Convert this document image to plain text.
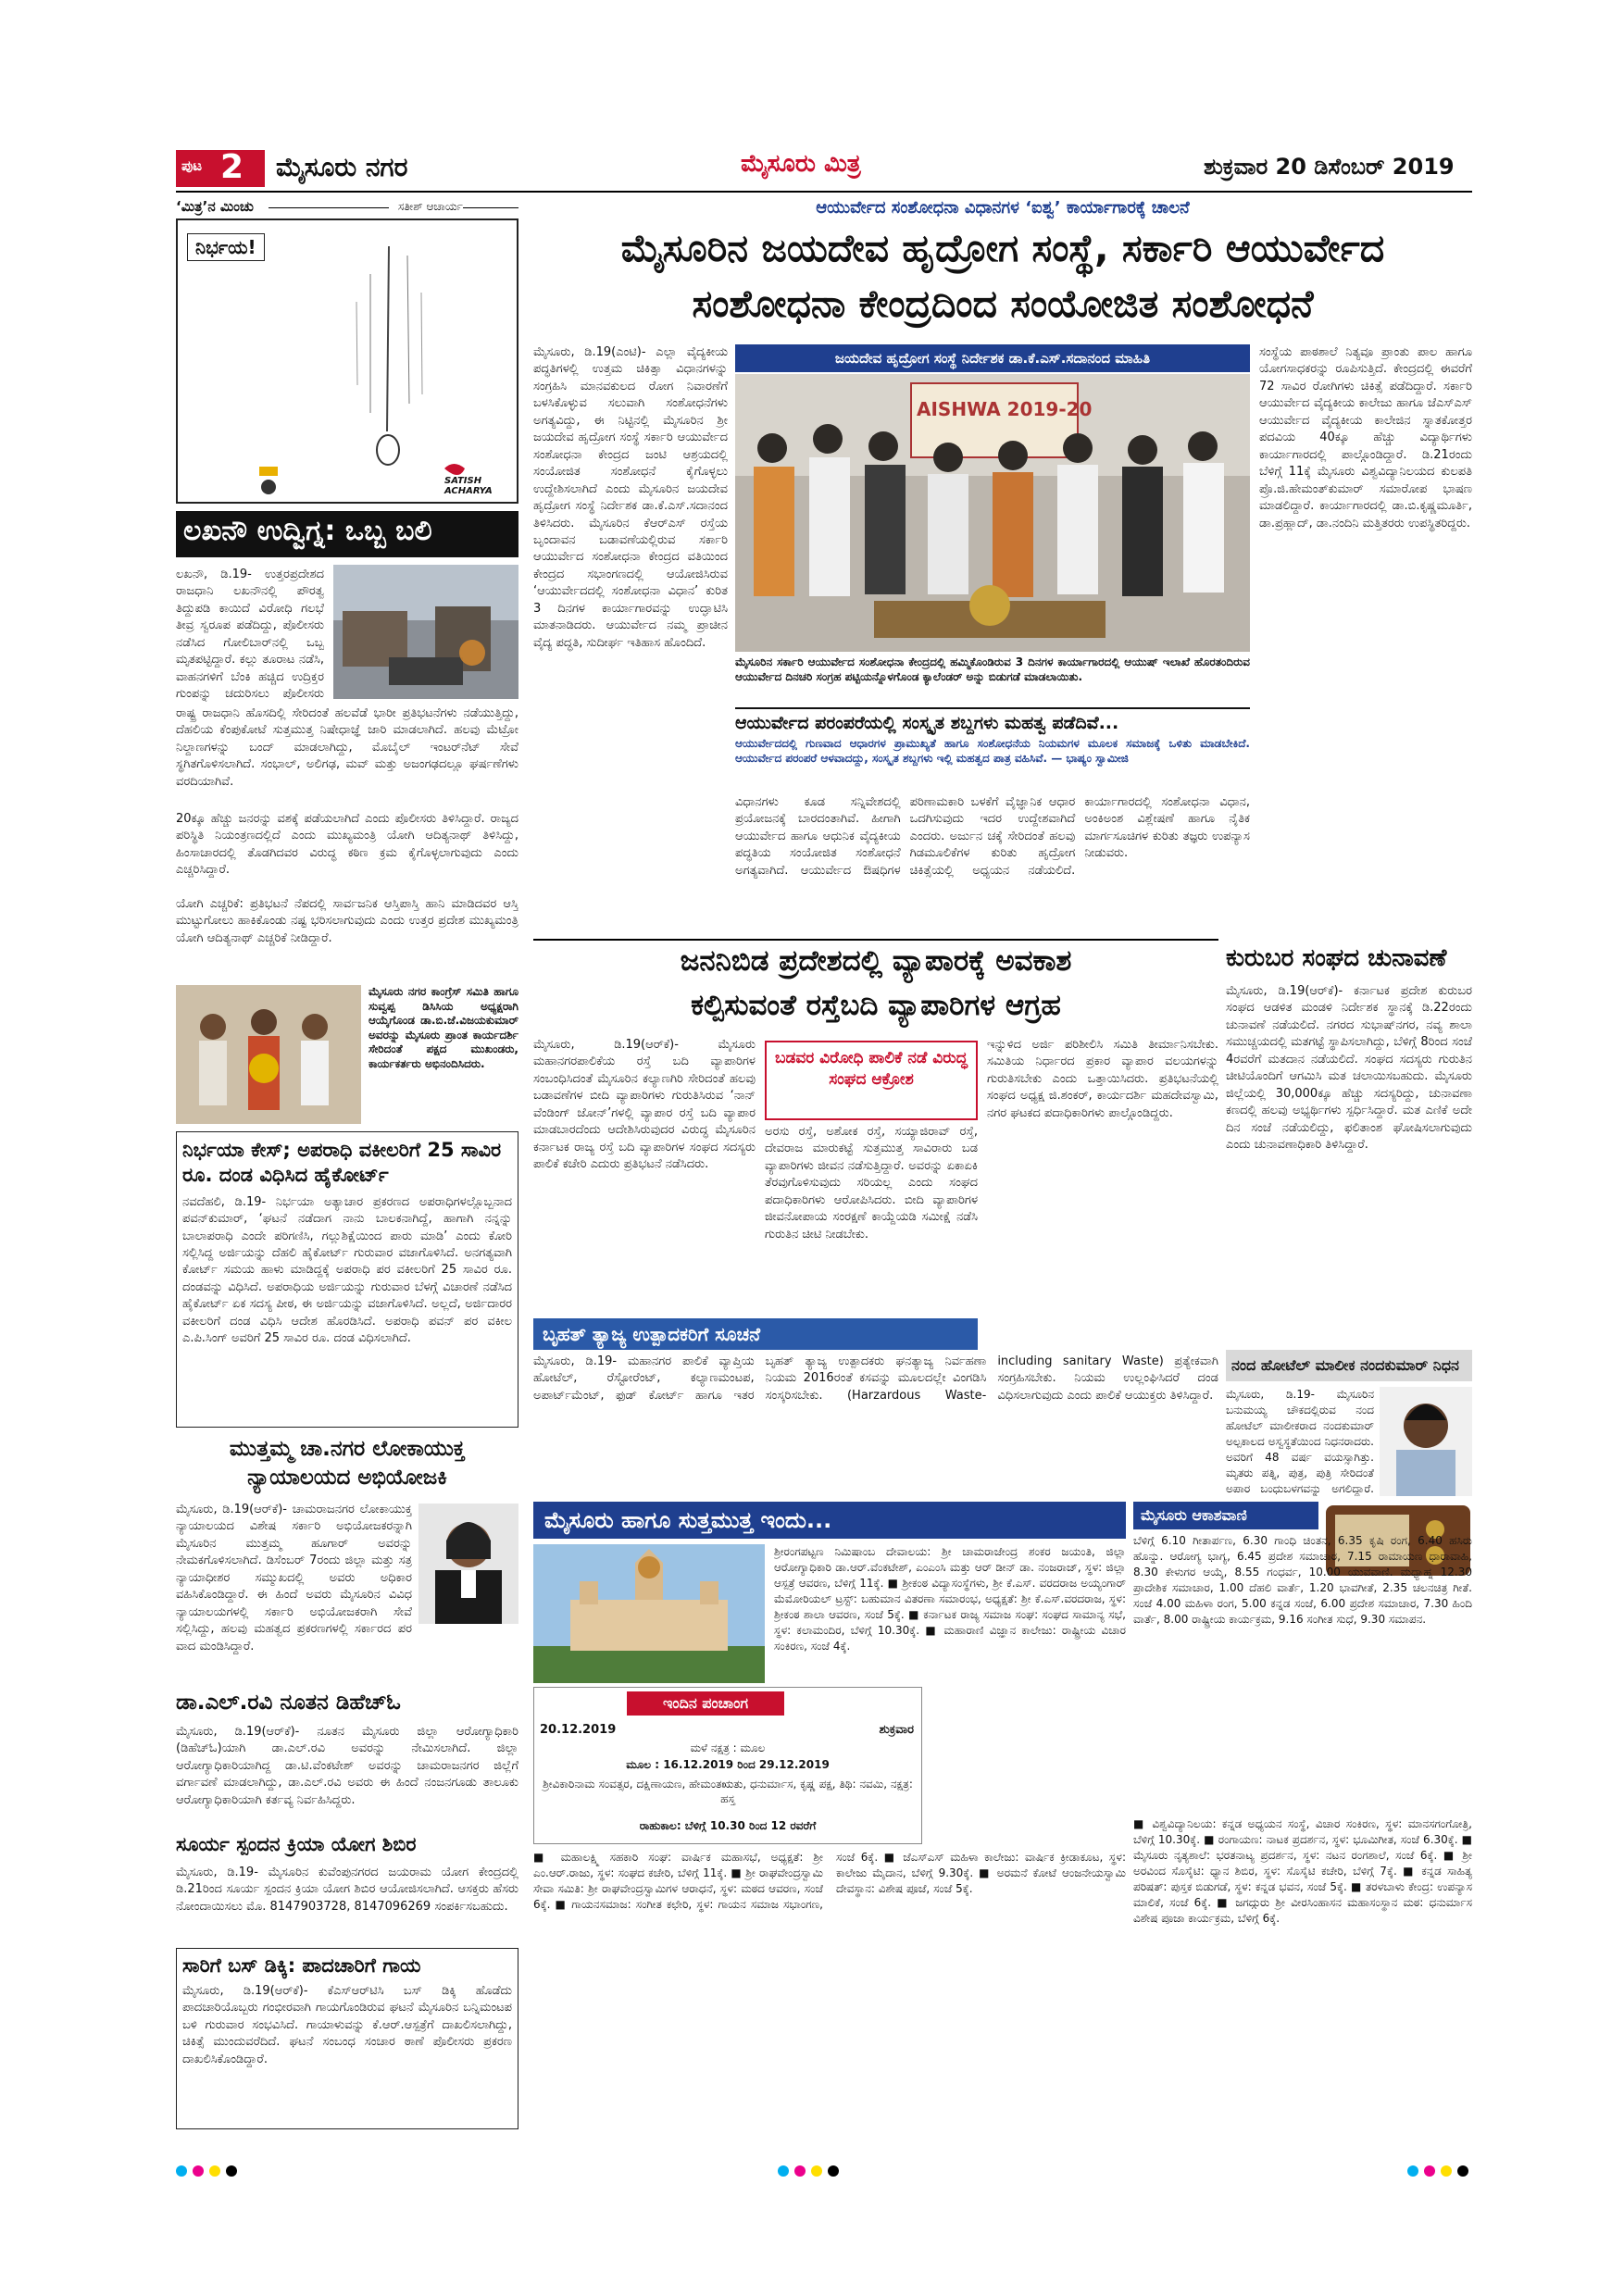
ಪುಟ 2 ಮೈಸೂರು ನಗರ	ಮೈಸೂರು ಮಿತ್ರ	ಶುಕ್ರವಾರ 20 ಡಿಸೆಂಬರ್ 2019
‘ಮಿತ್ರ’ನ ಮಿಂಚು	ಸತೀಶ್ ಆಚಾರ್ಯ
ನಿರ್ಭಯ!
SATISH ACHARYA
ಲಖನೌ ಉದ್ವಿಗ್ನ: ಒಬ್ಬ ಬಲಿ
ಲಖನೌ, ಡಿ.19- ಉತ್ತರಪ್ರದೇಶದ ರಾಜಧಾನಿ ಲಖನೌನಲ್ಲಿ ಪೌರತ್ವ ತಿದ್ದುಪಡಿ ಕಾಯಿದೆ ವಿರೋಧಿ ಗಲಭೆ ತೀವ್ರ ಸ್ವರೂಪ ಪಡೆದಿದ್ದು, ಪೊಲೀಸರು ನಡೆಸಿದ ಗೋಲಿಬಾರ್‌ನಲ್ಲಿ ಒಬ್ಬ ಮೃತಪಟ್ಟಿದ್ದಾರೆ. ಕಲ್ಲು ತೂರಾಟ ನಡೆಸಿ, ವಾಹನಗಳಿಗೆ ಬೆಂಕಿ ಹಚ್ಚಿದ ಉದ್ರಿಕ್ತರ ಗುಂಪನ್ನು ಚದುರಿಸಲು ಪೊಲೀಸರು
ರಾಷ್ಟ್ರ ರಾಜಧಾನಿ ಹೊಸದಿಲ್ಲಿ ಸೇರಿದಂತೆ ಹಲವೆಡೆ ಭಾರೀ ಪ್ರತಿಭಟನೆಗಳು ನಡೆಯುತ್ತಿದ್ದು, ದೆಹಲಿಯ ಕೆಂಪುಕೋಟೆ ಸುತ್ತಮುತ್ತ ನಿಷೇಧಾಜ್ಞೆ ಜಾರಿ ಮಾಡಲಾಗಿದೆ. ಹಲವು ಮೆಟ್ರೋ ನಿಲ್ದಾಣಗಳನ್ನು ಬಂದ್ ಮಾಡಲಾಗಿದ್ದು, ಮೊಬೈಲ್ ಇಂಟರ್‌ನೆಟ್ ಸೇವೆ ಸ್ಥಗಿತಗೊಳಿಸಲಾಗಿದೆ. ಸಂಭಾಲ್, ಅಲಿಗಢ, ಮವ್ ಮತ್ತು ಅಜಂಗಢದಲ್ಲೂ ಘರ್ಷಣೆಗಳು ವರದಿಯಾಗಿವೆ.
20ಕ್ಕೂ ಹೆಚ್ಚು ಜನರನ್ನು ವಶಕ್ಕೆ ಪಡೆಯಲಾಗಿದೆ ಎಂದು ಪೊಲೀಸರು ತಿಳಿಸಿದ್ದಾರೆ. ರಾಜ್ಯದ ಪರಿಸ್ಥಿತಿ ನಿಯಂತ್ರಣದಲ್ಲಿದೆ ಎಂದು ಮುಖ್ಯಮಂತ್ರಿ ಯೋಗಿ ಆದಿತ್ಯನಾಥ್ ತಿಳಿಸಿದ್ದು, ಹಿಂಸಾಚಾರದಲ್ಲಿ ತೊಡಗಿದವರ ವಿರುದ್ಧ ಕಠಿಣ ಕ್ರಮ ಕೈಗೊಳ್ಳಲಾಗುವುದು ಎಂದು ಎಚ್ಚರಿಸಿದ್ದಾರೆ.
ಯೋಗಿ ಎಚ್ಚರಿಕೆ: ಪ್ರತಿಭಟನೆ ನೆಪದಲ್ಲಿ ಸಾರ್ವಜನಿಕ ಆಸ್ತಿಪಾಸ್ತಿ ಹಾನಿ ಮಾಡಿದವರ ಆಸ್ತಿ ಮುಟ್ಟುಗೋಲು ಹಾಕಿಕೊಂಡು ನಷ್ಟ ಭರಿಸಲಾಗುವುದು ಎಂದು ಉತ್ತರ ಪ್ರದೇಶ ಮುಖ್ಯಮಂತ್ರಿ ಯೋಗಿ ಆದಿತ್ಯನಾಥ್ ಎಚ್ಚರಿಕೆ ನೀಡಿದ್ದಾರೆ.
ಮೈಸೂರು ನಗರ ಕಾಂಗ್ರೆಸ್ ಸಮಿತಿ ಹಾಗೂ ಸುವ್ವಪ್ಪ ಡಿಸಿಸಿಯ ಅಧ್ಯಕ್ಷರಾಗಿ ಆಯ್ಕೆಗೊಂಡ ಡಾ.ಬಿ.ಜೆ.ವಿಜಯಕುಮಾರ್ ಅವರನ್ನು ಮೈಸೂರು ಪ್ರಾಂತ ಕಾರ್ಯದರ್ಶಿ ಸೇರಿದಂತೆ ಪಕ್ಷದ ಮುಖಂಡರು, ಕಾರ್ಯಕರ್ತರು ಅಭಿನಂದಿಸಿದರು.
ನಿರ್ಭಯಾ ಕೇಸ್; ಅಪರಾಧಿ ವಕೀಲರಿಗೆ 25 ಸಾವಿರ ರೂ. ದಂಡ ವಿಧಿಸಿದ ಹೈಕೋರ್ಟ್
ನವದೆಹಲಿ, ಡಿ.19- ನಿರ್ಭಯಾ ಅತ್ಯಾಚಾರ ಪ್ರಕರಣದ ಅಪರಾಧಿಗಳಲ್ಲೊಬ್ಬನಾದ ಪವನ್‌ಕುಮಾರ್, ‘ಘಟನೆ ನಡೆದಾಗ ನಾನು ಬಾಲಕನಾಗಿದ್ದೆ, ಹಾಗಾಗಿ ನನ್ನನ್ನು ಬಾಲಾಪರಾಧಿ ಎಂದೇ ಪರಿಗಣಿಸಿ, ಗಲ್ಲುಶಿಕ್ಷೆಯಿಂದ ಪಾರು ಮಾಡಿ’ ಎಂದು ಕೋರಿ ಸಲ್ಲಿಸಿದ್ದ ಅರ್ಜಿಯನ್ನು ದೆಹಲಿ ಹೈಕೋರ್ಟ್ ಗುರುವಾರ ವಜಾಗೊಳಿಸಿದೆ. ಅನಗತ್ಯವಾಗಿ ಕೋರ್ಟ್ ಸಮಯ ಹಾಳು ಮಾಡಿದ್ದಕ್ಕೆ ಅಪರಾಧಿ ಪರ ವಕೀಲರಿಗೆ 25 ಸಾವಿರ ರೂ. ದಂಡವನ್ನು ವಿಧಿಸಿದೆ. ಅಪರಾಧಿಯ ಅರ್ಜಿಯನ್ನು ಗುರುವಾರ ಬೆಳಗ್ಗೆ ವಿಚಾರಣೆ ನಡೆಸಿದ ಹೈಕೋರ್ಟ್ ಏಕ ಸದಸ್ಯ ಪೀಠ, ಈ ಅರ್ಜಿಯನ್ನು ವಜಾಗೊಳಿಸಿದೆ. ಅಲ್ಲದೆ, ಅರ್ಜಿದಾರರ ವಕೀಲರಿಗೆ ದಂಡ ವಿಧಿಸಿ ಆದೇಶ ಹೊರಡಿಸಿದೆ. ಅಪರಾಧಿ ಪವನ್ ಪರ ವಕೀಲ ಎ.ಪಿ.ಸಿಂಗ್ ಅವರಿಗೆ 25 ಸಾವಿರ ರೂ. ದಂಡ ವಿಧಿಸಲಾಗಿದೆ.
ಮುತ್ತಮ್ಮ ಚಾ.ನಗರ ಲೋಕಾಯುಕ್ತ ನ್ಯಾಯಾಲಯದ ಅಭಿಯೋಜಕಿ
ಮೈಸೂರು, ಡಿ.19(ಆರ್‌ಕೆ)- ಚಾಮರಾಜನಗರ ಲೋಕಾಯುಕ್ತ ನ್ಯಾಯಾಲಯದ ವಿಶೇಷ ಸರ್ಕಾರಿ ಅಭಿಯೋಜಕರನ್ನಾಗಿ ಮೈಸೂರಿನ ಮುತ್ತಮ್ಮ ಹೂಗಾರ್ ಅವರನ್ನು ನೇಮಕಗೊಳಿಸಲಾಗಿದೆ. ಡಿಸೆಂಬರ್ 7ರಂದು ಜಿಲ್ಲಾ ಮತ್ತು ಸತ್ರ ನ್ಯಾಯಾಧೀಶರ ಸಮ್ಮುಖದಲ್ಲಿ ಅವರು ಅಧಿಕಾರ ವಹಿಸಿಕೊಂಡಿದ್ದಾರೆ. ಈ ಹಿಂದೆ ಅವರು ಮೈಸೂರಿನ ವಿವಿಧ ನ್ಯಾಯಾಲಯಗಳಲ್ಲಿ ಸರ್ಕಾರಿ ಅಭಿಯೋಜಕರಾಗಿ ಸೇವೆ ಸಲ್ಲಿಸಿದ್ದು, ಹಲವು ಮಹತ್ವದ ಪ್ರಕರಣಗಳಲ್ಲಿ ಸರ್ಕಾರದ ಪರ ವಾದ ಮಂಡಿಸಿದ್ದಾರೆ.
ಡಾ.ಎಲ್.ರವಿ ನೂತನ ಡಿಹೆಚ್‌ಓ
ಮೈಸೂರು, ಡಿ.19(ಆರ್‌ಕೆ)- ನೂತನ ಮೈಸೂರು ಜಿಲ್ಲಾ ಆರೋಗ್ಯಾಧಿಕಾರಿ (ಡಿಹೆಚ್‌ಓ)ಯಾಗಿ ಡಾ.ಎಲ್.ರವಿ ಅವರನ್ನು ನೇಮಿಸಲಾಗಿದೆ. ಜಿಲ್ಲಾ ಆರೋಗ್ಯಾಧಿಕಾರಿಯಾಗಿದ್ದ ಡಾ.ಟಿ.ವೆಂಕಟೇಶ್ ಅವರನ್ನು ಚಾಮರಾಜನಗರ ಜಿಲ್ಲೆಗೆ ವರ್ಗಾವಣೆ ಮಾಡಲಾಗಿದ್ದು, ಡಾ.ಎಲ್.ರವಿ ಅವರು ಈ ಹಿಂದೆ ನಂಜನಗೂಡು ತಾಲೂಕು ಆರೋಗ್ಯಾಧಿಕಾರಿಯಾಗಿ ಕರ್ತವ್ಯ ನಿರ್ವಹಿಸಿದ್ದರು.
ಸೂರ್ಯ ಸ್ಪಂದನ ಕ್ರಿಯಾ ಯೋಗ ಶಿಬಿರ
ಮೈಸೂರು, ಡಿ.19- ಮೈಸೂರಿನ ಕುವೆಂಪುನಗರದ ಜಯರಾಮ ಯೋಗ ಕೇಂದ್ರದಲ್ಲಿ ಡಿ.21ರಿಂದ ಸೂರ್ಯ ಸ್ಪಂದನ ಕ್ರಿಯಾ ಯೋಗ ಶಿಬಿರ ಆಯೋಜಿಸಲಾಗಿದೆ. ಆಸಕ್ತರು ಹೆಸರು ನೋಂದಾಯಿಸಲು ಮೊ. 8147903728, 8147096269 ಸಂಪರ್ಕಿಸಬಹುದು.
ಸಾರಿಗೆ ಬಸ್ ಡಿಕ್ಕಿ: ಪಾದಚಾರಿಗೆ ಗಾಯ
ಮೈಸೂರು, ಡಿ.19(ಆರ್‌ಕೆ)- ಕೆಎಸ್‌ಆರ್‌ಟಿಸಿ ಬಸ್ ಡಿಕ್ಕಿ ಹೊಡೆದು ಪಾದಚಾರಿಯೊಬ್ಬರು ಗಂಭೀರವಾಗಿ ಗಾಯಗೊಂಡಿರುವ ಘಟನೆ ಮೈಸೂರಿನ ಬನ್ನಿಮಂಟಪ ಬಳಿ ಗುರುವಾರ ಸಂಭವಿಸಿದೆ. ಗಾಯಾಳುವನ್ನು ಕೆ.ಆರ್.ಆಸ್ಪತ್ರೆಗೆ ದಾಖಲಿಸಲಾಗಿದ್ದು, ಚಿಕಿತ್ಸೆ ಮುಂದುವರೆದಿದೆ. ಘಟನೆ ಸಂಬಂಧ ಸಂಚಾರ ಠಾಣೆ ಪೊಲೀಸರು ಪ್ರಕರಣ ದಾಖಲಿಸಿಕೊಂಡಿದ್ದಾರೆ.
ಆಯುರ್ವೇದ ಸಂಶೋಧನಾ ವಿಧಾನಗಳ ‘ಐಶ್ವ’ ಕಾರ್ಯಾಗಾರಕ್ಕೆ ಚಾಲನೆ
ಮೈಸೂರಿನ ಜಯದೇವ ಹೃದ್ರೋಗ ಸಂಸ್ಥೆ, ಸರ್ಕಾರಿ ಆಯುರ್ವೇದ
ಸಂಶೋಧನಾ ಕೇಂದ್ರದಿಂದ ಸಂಯೋಜಿತ ಸಂಶೋಧನೆ
ಮೈಸೂರು, ಡಿ.19(ಎಂಟಿ)- ಎಲ್ಲಾ ವೈದ್ಯಕೀಯ ಪದ್ಧತಿಗಳಲ್ಲಿ ಉತ್ತಮ ಚಿಕಿತ್ಸಾ ವಿಧಾನಗಳನ್ನು ಸಂಗ್ರಹಿಸಿ ಮಾನವಕುಲದ ರೋಗ ನಿವಾರಣೆಗೆ ಬಳಸಿಕೊಳ್ಳುವ ಸಲುವಾಗಿ ಸಂಶೋಧನೆಗಳು ಅಗತ್ಯವಿದ್ದು, ಈ ನಿಟ್ಟಿನಲ್ಲಿ ಮೈಸೂರಿನ ಶ್ರೀ ಜಯದೇವ ಹೃದ್ರೋಗ ಸಂಸ್ಥೆ ಸರ್ಕಾರಿ ಆಯುರ್ವೇದ ಸಂಶೋಧನಾ ಕೇಂದ್ರದ ಜಂಟಿ ಆಶ್ರಯದಲ್ಲಿ ಸಂಯೋಜಿತ ಸಂಶೋಧನೆ ಕೈಗೊಳ್ಳಲು ಉದ್ದೇಶಿಸಲಾಗಿದೆ ಎಂದು ಮೈಸೂರಿನ ಜಯದೇವ ಹೃದ್ರೋಗ ಸಂಸ್ಥೆ ನಿರ್ದೇಶಕ ಡಾ.ಕೆ.ಎಸ್.ಸದಾನಂದ ತಿಳಿಸಿದರು. ಮೈಸೂರಿನ ಕೆಆರ್‌ಎಸ್ ರಸ್ತೆಯ ಬೃಂದಾವನ ಬಡಾವಣೆಯಲ್ಲಿರುವ ಸರ್ಕಾರಿ ಆಯುರ್ವೇದ ಸಂಶೋಧನಾ ಕೇಂದ್ರದ ವತಿಯಿಂದ ಕೇಂದ್ರದ ಸಭಾಂಗಣದಲ್ಲಿ ಆಯೋಜಿಸಿರುವ ‘ಆಯುರ್ವೇದದಲ್ಲಿ ಸಂಶೋಧನಾ ವಿಧಾನ’ ಕುರಿತ 3 ದಿನಗಳ ಕಾರ್ಯಾಗಾರವನ್ನು ಉದ್ಘಾಟಿಸಿ ಮಾತನಾಡಿದರು. ಆಯುರ್ವೇದ ನಮ್ಮ ಪ್ರಾಚೀನ ವೈದ್ಯ ಪದ್ಧತಿ, ಸುದೀರ್ಘ ಇತಿಹಾಸ ಹೊಂದಿದೆ.
ಜಯದೇವ ಹೃದ್ರೋಗ ಸಂಸ್ಥೆ ನಿರ್ದೇಶಕ ಡಾ.ಕೆ.ಎಸ್.ಸದಾನಂದ ಮಾಹಿತಿ
AISHWA 2019-20
ಮೈಸೂರಿನ ಸರ್ಕಾರಿ ಆಯುರ್ವೇದ ಸಂಶೋಧನಾ ಕೇಂದ್ರದಲ್ಲಿ ಹಮ್ಮಿಕೊಂಡಿರುವ 3 ದಿನಗಳ ಕಾರ್ಯಾಗಾರದಲ್ಲಿ ಆಯುಷ್ ಇಲಾಖೆ ಹೊರತಂದಿರುವ ಆಯುರ್ವೇದ ದಿನಚರಿ ಸಂಗ್ರಹ ಪಟ್ಟಿಯನ್ನೊಳಗೊಂಡ ಕ್ಯಾಲೆಂಡರ್ ಅನ್ನು ಬಿಡುಗಡೆ ಮಾಡಲಾಯಿತು.
ಸಂಸ್ಥೆಯ ಪಾಠಶಾಲೆ ನಿತ್ಯವೂ ಪ್ರಾಂತು ಪಾಲ ಹಾಗೂ ಯೋಗಸಾಧಕರನ್ನು ರೂಪಿಸುತ್ತಿದೆ. ಕೇಂದ್ರದಲ್ಲಿ ಈವರೆಗೆ 72 ಸಾವಿರ ರೋಗಿಗಳು ಚಿಕಿತ್ಸೆ ಪಡೆದಿದ್ದಾರೆ. ಸರ್ಕಾರಿ ಆಯುರ್ವೇದ ವೈದ್ಯಕೀಯ ಕಾಲೇಜು ಹಾಗೂ ಜೆಎಸ್‌ಎಸ್ ಆಯುರ್ವೇದ ವೈದ್ಯಕೀಯ ಕಾಲೇಜಿನ ಸ್ನಾತಕೋತ್ತರ ಪದವಿಯ 40ಕ್ಕೂ ಹೆಚ್ಚು ವಿದ್ಯಾರ್ಥಿಗಳು ಕಾರ್ಯಾಗಾರದಲ್ಲಿ ಪಾಲ್ಗೊಂಡಿದ್ದಾರೆ. ಡಿ.21ರಂದು ಬೆಳಿಗ್ಗೆ 11ಕ್ಕೆ ಮೈಸೂರು ವಿಶ್ವವಿದ್ಯಾನಿಲಯದ ಕುಲಪತಿ ಪ್ರೊ.ಜಿ.ಹೇಮಂತ್‌ಕುಮಾರ್ ಸಮಾರೋಪ ಭಾಷಣ ಮಾಡಲಿದ್ದಾರೆ. ಕಾರ್ಯಾಗಾರದಲ್ಲಿ ಡಾ.ಬಿ.ಕೃಷ್ಣಮೂರ್ತಿ, ಡಾ.ಪ್ರಹ್ಲಾದ್, ಡಾ.ನಂದಿನಿ ಮತ್ತಿತರರು ಉಪಸ್ಥಿತರಿದ್ದರು.
ಆಯುರ್ವೇದ ಪರಂಪರೆಯಲ್ಲಿ ಸಂಸ್ಕೃತ ಶಬ್ದಗಳು ಮಹತ್ವ ಪಡೆದಿವೆ...
ಆಯುರ್ವೇದದಲ್ಲಿ ಗುಣವಾದ ಆಧಾರಗಳ ಪ್ರಾಮುಖ್ಯತೆ ಹಾಗೂ ಸಂಶೋಧನೆಯ ನಿಯಮಗಳ ಮೂಲಕ ಸಮಾಜಕ್ಕೆ ಒಳಿತು ಮಾಡಬೇಕಿದೆ. ಆಯುರ್ವೇದ ಪರಂಪರೆ ಆಳವಾದದ್ದು, ಸಂಸ್ಕೃತ ಶಬ್ದಗಳು ಇಲ್ಲಿ ಮಹತ್ವದ ಪಾತ್ರ ವಹಿಸಿವೆ. — ಭಾಷ್ಯಂ ಸ್ವಾಮೀಜಿ
ವಿಧಾನಗಳು ಕೂಡ ಸನ್ನಿವೇಶದಲ್ಲಿ ಪ್ರಯೋಜನಕ್ಕೆ ಬಾರದಂತಾಗಿವೆ. ಹೀಗಾಗಿ ಆಯುರ್ವೇದ ಹಾಗೂ ಆಧುನಿಕ ವೈದ್ಯಕೀಯ ಪದ್ಧತಿಯ ಸಂಯೋಜಿತ ಸಂಶೋಧನೆ ಅಗತ್ಯವಾಗಿದೆ. ಆಯುರ್ವೇದ ಔಷಧಿಗಳ ಪರಿಣಾಮಕಾರಿ ಬಳಕೆಗೆ ವೈಜ್ಞಾನಿಕ ಆಧಾರ ಒದಗಿಸುವುದು ಇದರ ಉದ್ದೇಶವಾಗಿದೆ ಎಂದರು. ಅರ್ಜುನ ಚಕ್ಕೆ ಸೇರಿದಂತೆ ಹಲವು ಗಿಡಮೂಲಿಕೆಗಳ ಕುರಿತು ಹೃದ್ರೋಗ ಚಿಕಿತ್ಸೆಯಲ್ಲಿ ಅಧ್ಯಯನ ನಡೆಯಲಿದೆ. ಕಾರ್ಯಾಗಾರದಲ್ಲಿ ಸಂಶೋಧನಾ ವಿಧಾನ, ಅಂಕಿಅಂಶ ವಿಶ್ಲೇಷಣೆ ಹಾಗೂ ನೈತಿಕ ಮಾರ್ಗಸೂಚಿಗಳ ಕುರಿತು ತಜ್ಞರು ಉಪನ್ಯಾಸ ನೀಡುವರು.
ಜನನಿಬಿಡ ಪ್ರದೇಶದಲ್ಲಿ ವ್ಯಾಪಾರಕ್ಕೆ ಅವಕಾಶ
ಕಲ್ಪಿಸುವಂತೆ ರಸ್ತೆಬದಿ ವ್ಯಾಪಾರಿಗಳ ಆಗ್ರಹ
ಮೈಸೂರು, ಡಿ.19(ಆರ್‌ಕೆ)- ಮೈಸೂರು ಮಹಾನಗರಪಾಲಿಕೆಯ ರಸ್ತೆ ಬದಿ ವ್ಯಾಪಾರಿಗಳ ಸಂಬಂಧಿಸಿದಂತೆ ಮೈಸೂರಿನ ಕಲ್ಯಾಣಗಿರಿ ಸೇರಿದಂತೆ ಹಲವು ಬಡಾವಣೆಗಳ ಬೀದಿ ವ್ಯಾಪಾರಿಗಳು ಗುರುತಿಸಿರುವ ‘ನಾನ್ ವೆಂಡಿಂಗ್ ಜೋನ್’ಗಳಲ್ಲಿ ವ್ಯಾಪಾರ ರಸ್ತೆ ಬದಿ ವ್ಯಾಪಾರ ಮಾಡಬಾರದೆಂದು ಆದೇಶಿಸಿರುವುದರ ವಿರುದ್ಧ ಮೈಸೂರಿನ ಕರ್ನಾಟಕ ರಾಜ್ಯ ರಸ್ತೆ ಬದಿ ವ್ಯಾಪಾರಿಗಳ ಸಂಘದ ಸದಸ್ಯರು ಪಾಲಿಕೆ ಕಚೇರಿ ಎದುರು ಪ್ರತಿಭಟನೆ ನಡೆಸಿದರು.
ಬಡವರ ವಿರೋಧಿ ಪಾಲಿಕೆ ನಡೆ ವಿರುದ್ಧ ಸಂಘದ ಆಕ್ರೋಶ
ಅರಸು ರಸ್ತೆ, ಅಶೋಕ ರಸ್ತೆ, ಸಯ್ಯಾಜಿರಾವ್ ರಸ್ತೆ, ದೇವರಾಜ ಮಾರುಕಟ್ಟೆ ಸುತ್ತಮುತ್ತ ಸಾವಿರಾರು ಬಡ ವ್ಯಾಪಾರಿಗಳು ಜೀವನ ನಡೆಸುತ್ತಿದ್ದಾರೆ. ಅವರನ್ನು ಏಕಾಏಕಿ ತೆರವುಗೊಳಿಸುವುದು ಸರಿಯಲ್ಲ ಎಂದು ಸಂಘದ ಪದಾಧಿಕಾರಿಗಳು ಆರೋಪಿಸಿದರು. ಬೀದಿ ವ್ಯಾಪಾರಿಗಳ ಜೀವನೋಪಾಯ ಸಂರಕ್ಷಣೆ ಕಾಯ್ದೆಯಡಿ ಸಮೀಕ್ಷೆ ನಡೆಸಿ ಗುರುತಿನ ಚೀಟಿ ನೀಡಬೇಕು.
ಇನ್ನುಳಿದ ಅರ್ಜಿ ಪರಿಶೀಲಿಸಿ ಸಮಿತಿ ತೀರ್ಮಾನಿಸಬೇಕು. ಸಮಿತಿಯ ನಿರ್ಧಾರದ ಪ್ರಕಾರ ವ್ಯಾಪಾರ ವಲಯಗಳನ್ನು ಗುರುತಿಸಬೇಕು ಎಂದು ಒತ್ತಾಯಿಸಿದರು. ಪ್ರತಿಭಟನೆಯಲ್ಲಿ ಸಂಘದ ಅಧ್ಯಕ್ಷ ಜಿ.ಶಂಕರ್, ಕಾರ್ಯದರ್ಶಿ ಮಹದೇವಸ್ವಾಮಿ, ನಗರ ಘಟಕದ ಪದಾಧಿಕಾರಿಗಳು ಪಾಲ್ಗೊಂಡಿದ್ದರು.
ಬೃಹತ್ ತ್ಯಾಜ್ಯ ಉತ್ಪಾದಕರಿಗೆ ಸೂಚನೆ
ಮೈಸೂರು, ಡಿ.19- ಮಹಾನಗರ ಪಾಲಿಕೆ ವ್ಯಾಪ್ತಿಯ ಹೋಟೆಲ್, ರೆಸ್ಟೋರೆಂಟ್, ಕಲ್ಯಾಣಮಂಟಪ, ಅಪಾರ್ಟ್‌ಮೆಂಟ್, ಫುಡ್ ಕೋರ್ಟ್ ಹಾಗೂ ಇತರ ಬೃಹತ್ ತ್ಯಾಜ್ಯ ಉತ್ಪಾದಕರು ಘನತ್ಯಾಜ್ಯ ನಿರ್ವಹಣಾ ನಿಯಮ 2016ರಂತೆ ಕಸವನ್ನು ಮೂಲದಲ್ಲೇ ವಿಂಗಡಿಸಿ ಸಂಸ್ಕರಿಸಬೇಕು. (Harzardous Waste-including sanitary Waste) ಪ್ರತ್ಯೇಕವಾಗಿ ಸಂಗ್ರಹಿಸಬೇಕು. ನಿಯಮ ಉಲ್ಲಂಘಿಸಿದರೆ ದಂಡ ವಿಧಿಸಲಾಗುವುದು ಎಂದು ಪಾಲಿಕೆ ಆಯುಕ್ತರು ತಿಳಿಸಿದ್ದಾರೆ.
ಕುರುಬರ ಸಂಘದ ಚುನಾವಣೆ
ಮೈಸೂರು, ಡಿ.19(ಆರ್‌ಕೆ)- ಕರ್ನಾಟಕ ಪ್ರದೇಶ ಕುರುಬರ ಸಂಘದ ಆಡಳಿತ ಮಂಡಳಿ ನಿರ್ದೇಶಕ ಸ್ಥಾನಕ್ಕೆ ಡಿ.22ರಂದು ಚುನಾವಣೆ ನಡೆಯಲಿದೆ. ನಗರದ ಸುಭಾಷ್‌ನಗರ, ನವ್ಯ ಶಾಲಾ ಸಮುಚ್ಚಯದಲ್ಲಿ ಮತಗಟ್ಟೆ ಸ್ಥಾಪಿಸಲಾಗಿದ್ದು, ಬೆಳಿಗ್ಗೆ 8ರಿಂದ ಸಂಜೆ 4ರವರೆಗೆ ಮತದಾನ ನಡೆಯಲಿದೆ. ಸಂಘದ ಸದಸ್ಯರು ಗುರುತಿನ ಚೀಟಿಯೊಂದಿಗೆ ಆಗಮಿಸಿ ಮತ ಚಲಾಯಿಸಬಹುದು. ಮೈಸೂರು ಜಿಲ್ಲೆಯಲ್ಲಿ 30,000ಕ್ಕೂ ಹೆಚ್ಚು ಸದಸ್ಯರಿದ್ದು, ಚುನಾವಣಾ ಕಣದಲ್ಲಿ ಹಲವು ಅಭ್ಯರ್ಥಿಗಳು ಸ್ಪರ್ಧಿಸಿದ್ದಾರೆ. ಮತ ಎಣಿಕೆ ಅದೇ ದಿನ ಸಂಜೆ ನಡೆಯಲಿದ್ದು, ಫಲಿತಾಂಶ ಘೋಷಿಸಲಾಗುವುದು ಎಂದು ಚುನಾವಣಾಧಿಕಾರಿ ತಿಳಿಸಿದ್ದಾರೆ.
ನಂದ ಹೋಟೆಲ್ ಮಾಲೀಕ ನಂದಕುಮಾರ್ ನಿಧನ
ಮೈಸೂರು, ಡಿ.19- ಮೈಸೂರಿನ ಬನುಮಯ್ಯ ಚೌಕದಲ್ಲಿರುವ ನಂದ ಹೋಟೆಲ್ ಮಾಲೀಕರಾದ ನಂದಕುಮಾರ್ ಅಲ್ಪಕಾಲದ ಅಸ್ವಸ್ಥತೆಯಿಂದ ನಿಧನರಾದರು. ಅವರಿಗೆ 48 ವರ್ಷ ವಯಸ್ಸಾಗಿತ್ತು. ಮೃತರು ಪತ್ನಿ, ಪುತ್ರ, ಪುತ್ರಿ ಸೇರಿದಂತೆ ಅಪಾರ ಬಂಧುಬಳಗವನ್ನು ಅಗಲಿದ್ದಾರೆ.
ಮೈಸೂರು ಹಾಗೂ ಸುತ್ತಮುತ್ತ ಇಂದು...
ಇಂದಿನ ಪಂಚಾಂಗ
20.12.2019	ಶುಕ್ರವಾರ
ಮಳೆ ನಕ್ಷತ್ರ : ಮೂಲ
ಮೂಲ : 16.12.2019 ರಿಂದ 29.12.2019
ಶ್ರೀವಿಕಾರಿನಾಮ ಸಂವತ್ಸರ, ದಕ್ಷಿಣಾಯಣ, ಹೇಮಂತಋತು, ಧನುರ್ಮಾಸ, ಕೃಷ್ಣ ಪಕ್ಷ, ತಿಥಿ: ನವಮಿ, ನಕ್ಷತ್ರ: ಹಸ್ತ
ರಾಹುಕಾಲ: ಬೆಳಿಗ್ಗೆ 10.30 ರಿಂದ 12 ರವರೆಗೆ
ಶ್ರೀರಂಗಪಟ್ಟಣ ನಿಮಿಷಾಂಬ ದೇವಾಲಯ: ಶ್ರೀ ಚಾಮರಾಜೇಂದ್ರ ಶಂಕರ ಜಯಂತಿ, ಜಿಲ್ಲಾ ಆರೋಗ್ಯಾಧಿಕಾರಿ ಡಾ.ಆರ್.ವೆಂಕಟೇಶ್, ಎಂಎಂಸಿ ಮತ್ತು ಆರ್ ಡೀನ್ ಡಾ. ನಂಜರಾಜ್, ಸ್ಥಳ: ಜಿಲ್ಲಾ ಆಸ್ಪತ್ರೆ ಆವರಣ, ಬೆಳಿಗ್ಗೆ 11ಕ್ಕೆ. ■ ಶ್ರೀಕಂಠ ವಿದ್ಯಾಸಂಸ್ಥೆಗಳು, ಶ್ರೀ ಕೆ.ಎಸ್. ವರದರಾಜ ಅಯ್ಯಂಗಾರ್ ಮೆಮೋರಿಯಲ್ ಟ್ರಸ್ಟ್: ಬಹುಮಾನ ವಿತರಣಾ ಸಮಾರಂಭ, ಅಧ್ಯಕ್ಷತೆ: ಶ್ರೀ ಕೆ.ಎಸ್.ವರದರಾಜ, ಸ್ಥಳ: ಶ್ರೀಕಂಠ ಶಾಲಾ ಆವರಣ, ಸಂಜೆ 5ಕ್ಕೆ. ■ ಕರ್ನಾಟಕ ರಾಜ್ಯ ಸಮಾಜ ಸಂಘ: ಸಂಘದ ಸಾಮಾನ್ಯ ಸಭೆ, ಸ್ಥಳ: ಕಲಾಮಂದಿರ, ಬೆಳಿಗ್ಗೆ 10.30ಕ್ಕೆ. ■ ಮಹಾರಾಣಿ ವಿಜ್ಞಾನ ಕಾಲೇಜು: ರಾಷ್ಟ್ರೀಯ ವಿಚಾರ ಸಂಕಿರಣ, ಸಂಜೆ 4ಕ್ಕೆ.
■ ಮಹಾಲಕ್ಷ್ಮಿ ಸಹಕಾರಿ ಸಂಘ: ವಾರ್ಷಿಕ ಮಹಾಸಭೆ, ಅಧ್ಯಕ್ಷತೆ: ಶ್ರೀ ಎಂ.ಆರ್.ರಾಜು, ಸ್ಥಳ: ಸಂಘದ ಕಚೇರಿ, ಬೆಳಿಗ್ಗೆ 11ಕ್ಕೆ. ■ ಶ್ರೀ ರಾಘವೇಂದ್ರಸ್ವಾಮಿ ಸೇವಾ ಸಮಿತಿ: ಶ್ರೀ ರಾಘವೇಂದ್ರಸ್ವಾಮಿಗಳ ಆರಾಧನೆ, ಸ್ಥಳ: ಮಠದ ಆವರಣ, ಸಂಜೆ 6ಕ್ಕೆ. ■ ಗಾಯನಸಮಾಜ: ಸಂಗೀತ ಕಛೇರಿ, ಸ್ಥಳ: ಗಾಯನ ಸಮಾಜ ಸಭಾಂಗಣ, ಸಂಜೆ 6ಕ್ಕೆ. ■ ಜೆಎಸ್‌ಎಸ್ ಮಹಿಳಾ ಕಾಲೇಜು: ವಾರ್ಷಿಕ ಕ್ರೀಡಾಕೂಟ, ಸ್ಥಳ: ಕಾಲೇಜು ಮೈದಾನ, ಬೆಳಿಗ್ಗೆ 9.30ಕ್ಕೆ. ■ ಅರಮನೆ ಕೋಟೆ ಆಂಜನೇಯಸ್ವಾಮಿ ದೇವಸ್ಥಾನ: ವಿಶೇಷ ಪೂಜೆ, ಸಂಜೆ 5ಕ್ಕೆ.
ಮೈಸೂರು ಆಕಾಶವಾಣಿ
ಬೆಳಿಗ್ಗೆ 6.10 ಗೀತಾರ್ಪಣ, 6.30 ಗಾಂಧಿ ಚಿಂತನ, 6.35 ಕೃಷಿ ರಂಗ, 6.40 ಹಸಿರು ಹೊನ್ನು. ಆರೋಗ್ಯ ಭಾಗ್ಯ, 6.45 ಪ್ರದೇಶ ಸಮಾಚಾರ, 7.15 ರಾಮಾಯಣ ಧಾರಾವಾಹಿ, 8.30 ಕೇಳುಗರ ಆಯ್ಕೆ, 8.55 ಗಂಧರ್ವ, 10.00 ಯುವವಾಣಿ. ಮಧ್ಯಾಹ್ನ 12.30 ಪ್ರಾದೇಶಿಕ ಸಮಾಚಾರ, 1.00 ದೆಹಲಿ ವಾರ್ತೆ, 1.20 ಭಾವಗೀತೆ, 2.35 ಚಲನಚಿತ್ರ ಗೀತೆ. ಸಂಜೆ 4.00 ಮಹಿಳಾ ರಂಗ, 5.00 ಕನ್ನಡ ಸಂಜೆ, 6.00 ಪ್ರದೇಶ ಸಮಾಚಾರ, 7.30 ಹಿಂದಿ ವಾರ್ತೆ, 8.00 ರಾಷ್ಟ್ರೀಯ ಕಾರ್ಯಕ್ರಮ, 9.16 ಸಂಗೀತ ಸುಧೆ, 9.30 ಸಮಾಪನ.
■ ವಿಶ್ವವಿದ್ಯಾನಿಲಯ: ಕನ್ನಡ ಅಧ್ಯಯನ ಸಂಸ್ಥೆ, ವಿಚಾರ ಸಂಕಿರಣ, ಸ್ಥಳ: ಮಾನಸಗಂಗೋತ್ರಿ, ಬೆಳಿಗ್ಗೆ 10.30ಕ್ಕೆ. ■ ರಂಗಾಯಣ: ನಾಟಕ ಪ್ರದರ್ಶನ, ಸ್ಥಳ: ಭೂಮಿಗೀತ, ಸಂಜೆ 6.30ಕ್ಕೆ. ■ ಮೈಸೂರು ನೃತ್ಯಶಾಲೆ: ಭರತನಾಟ್ಯ ಪ್ರದರ್ಶನ, ಸ್ಥಳ: ನಟನ ರಂಗಶಾಲೆ, ಸಂಜೆ 6ಕ್ಕೆ. ■ ಶ್ರೀ ಅರವಿಂದ ಸೊಸೈಟಿ: ಧ್ಯಾನ ಶಿಬಿರ, ಸ್ಥಳ: ಸೊಸೈಟಿ ಕಚೇರಿ, ಬೆಳಿಗ್ಗೆ 7ಕ್ಕೆ. ■ ಕನ್ನಡ ಸಾಹಿತ್ಯ ಪರಿಷತ್: ಪುಸ್ತಕ ಬಿಡುಗಡೆ, ಸ್ಥಳ: ಕನ್ನಡ ಭವನ, ಸಂಜೆ 5ಕ್ಕೆ. ■ ತರಳಬಾಳು ಕೇಂದ್ರ: ಉಪನ್ಯಾಸ ಮಾಲಿಕೆ, ಸಂಜೆ 6ಕ್ಕೆ. ■ ಜಗದ್ಗುರು ಶ್ರೀ ವೀರಸಿಂಹಾಸನ ಮಹಾಸಂಸ್ಥಾನ ಮಠ: ಧನುರ್ಮಾಸ ವಿಶೇಷ ಪೂಜಾ ಕಾರ್ಯಕ್ರಮ, ಬೆಳಿಗ್ಗೆ 6ಕ್ಕೆ.
